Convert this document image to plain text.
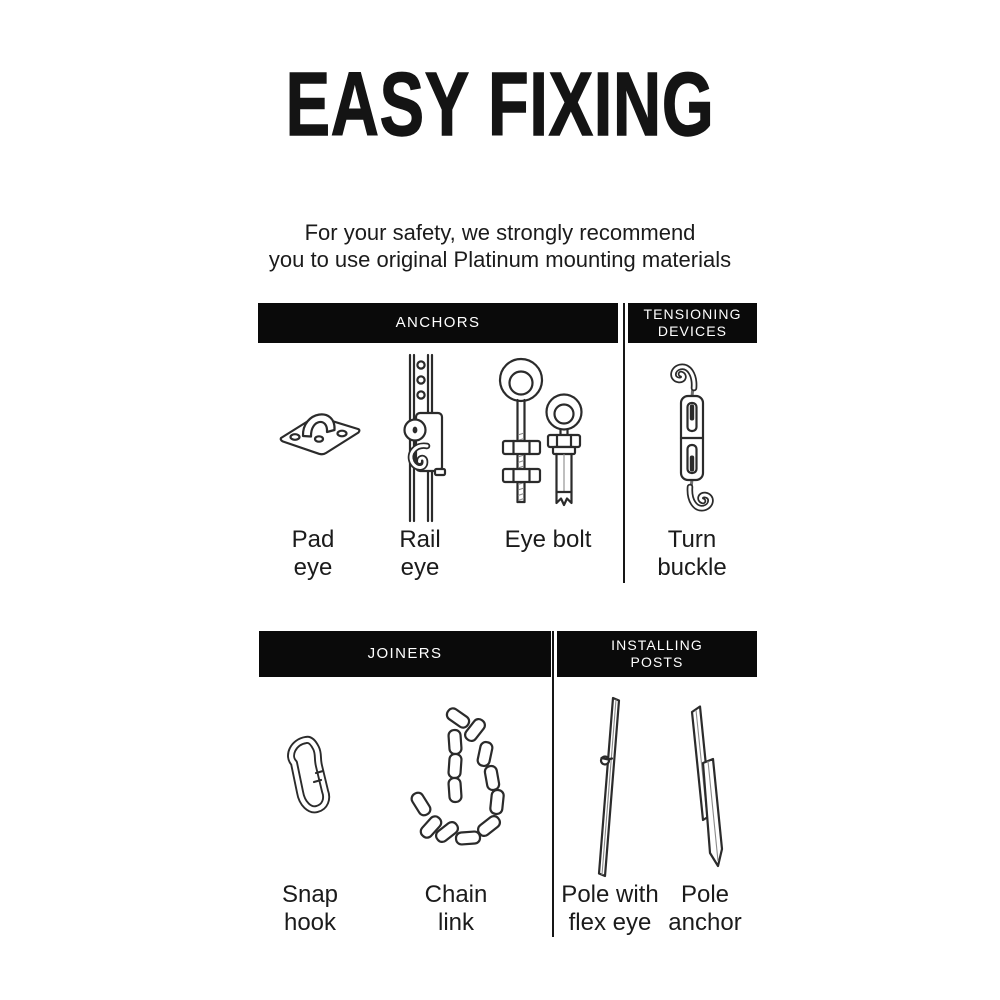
EASY FIXING
For your safety, we strongly recommend
you to use original Platinum mounting materials
ANCHORS	TENSIONING
DEVICES
Pad
eye
Rail
eye
Eye bolt	Turn
buckle
JOINERS	INSTALLING
POSTS
Snap
hook
Chain
link
Pole with
flex eye
Pole
anchor
